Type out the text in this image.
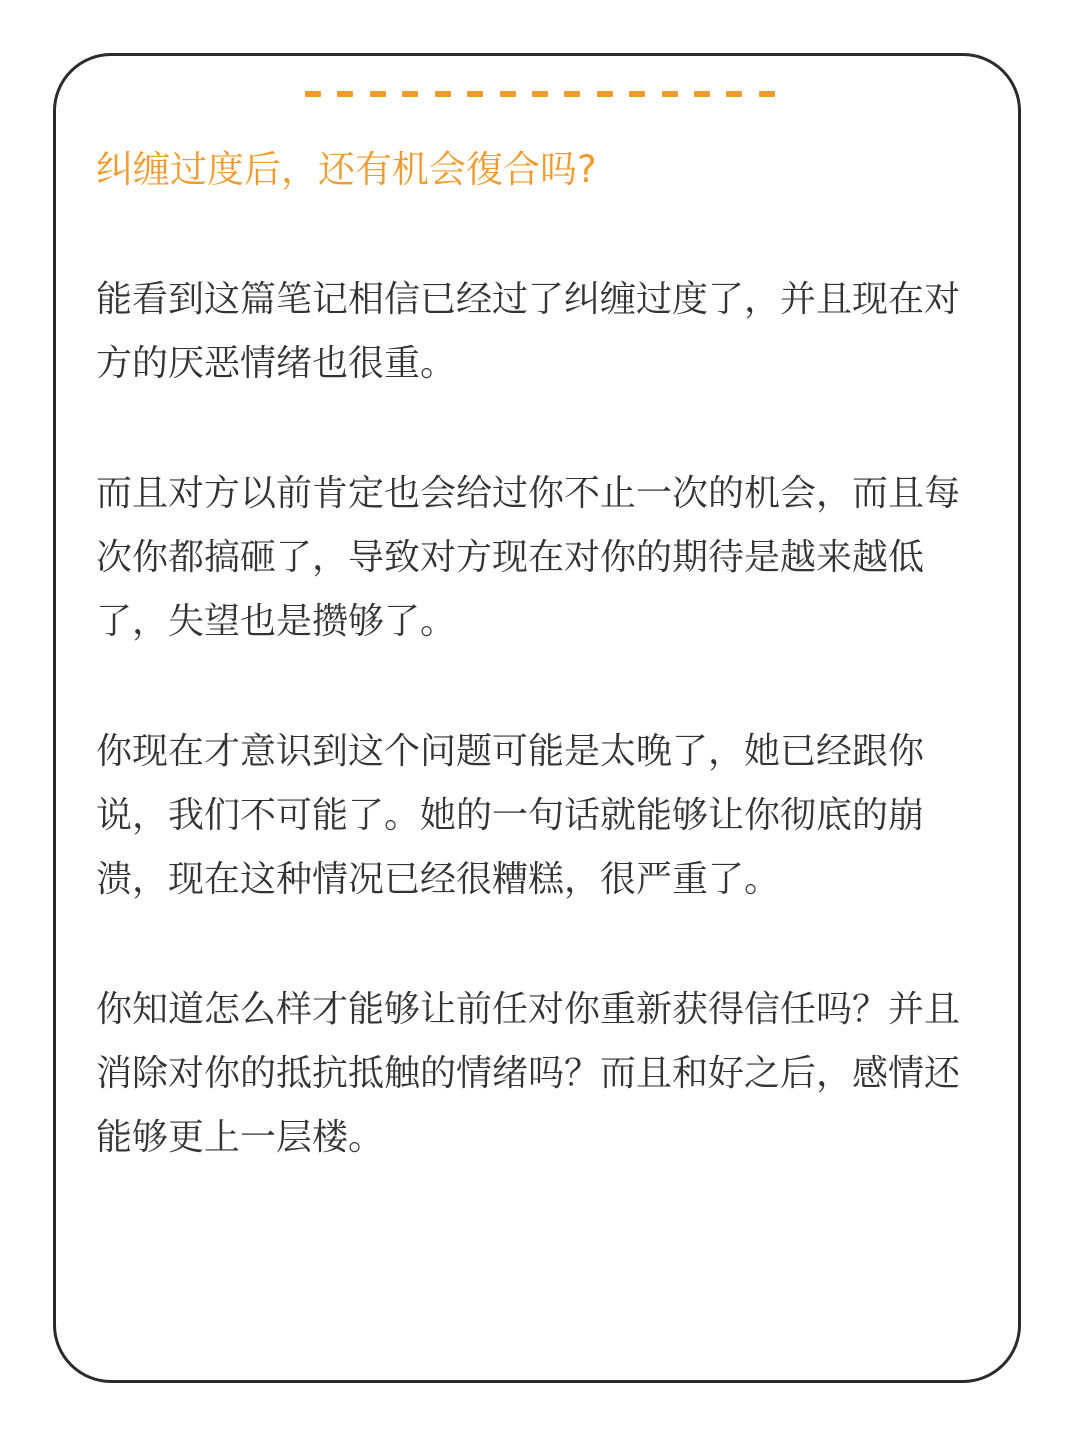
纠缠过度后，还有机会復合吗?

能看到这篇笔记相信已经过了纠缠过度了，并且现在对方的厌恶情绪也很重。

而且对方以前肯定也会给过你不止一次的机会，而且每次你都搞砸了，导致对方现在对你的期待是越来越低了，失望也是攒够了。

你现在才意识到这个问题可能是太晚了，她已经跟你说，我们不可能了。她的一句话就能够让你彻底的崩溃，现在这种情况已经很糟糕，很严重了。

你知道怎么样才能够让前任对你重新获得信任吗？并且消除对你的抵抗抵触的情绪吗？而且和好之后，感情还能够更上一层楼。
